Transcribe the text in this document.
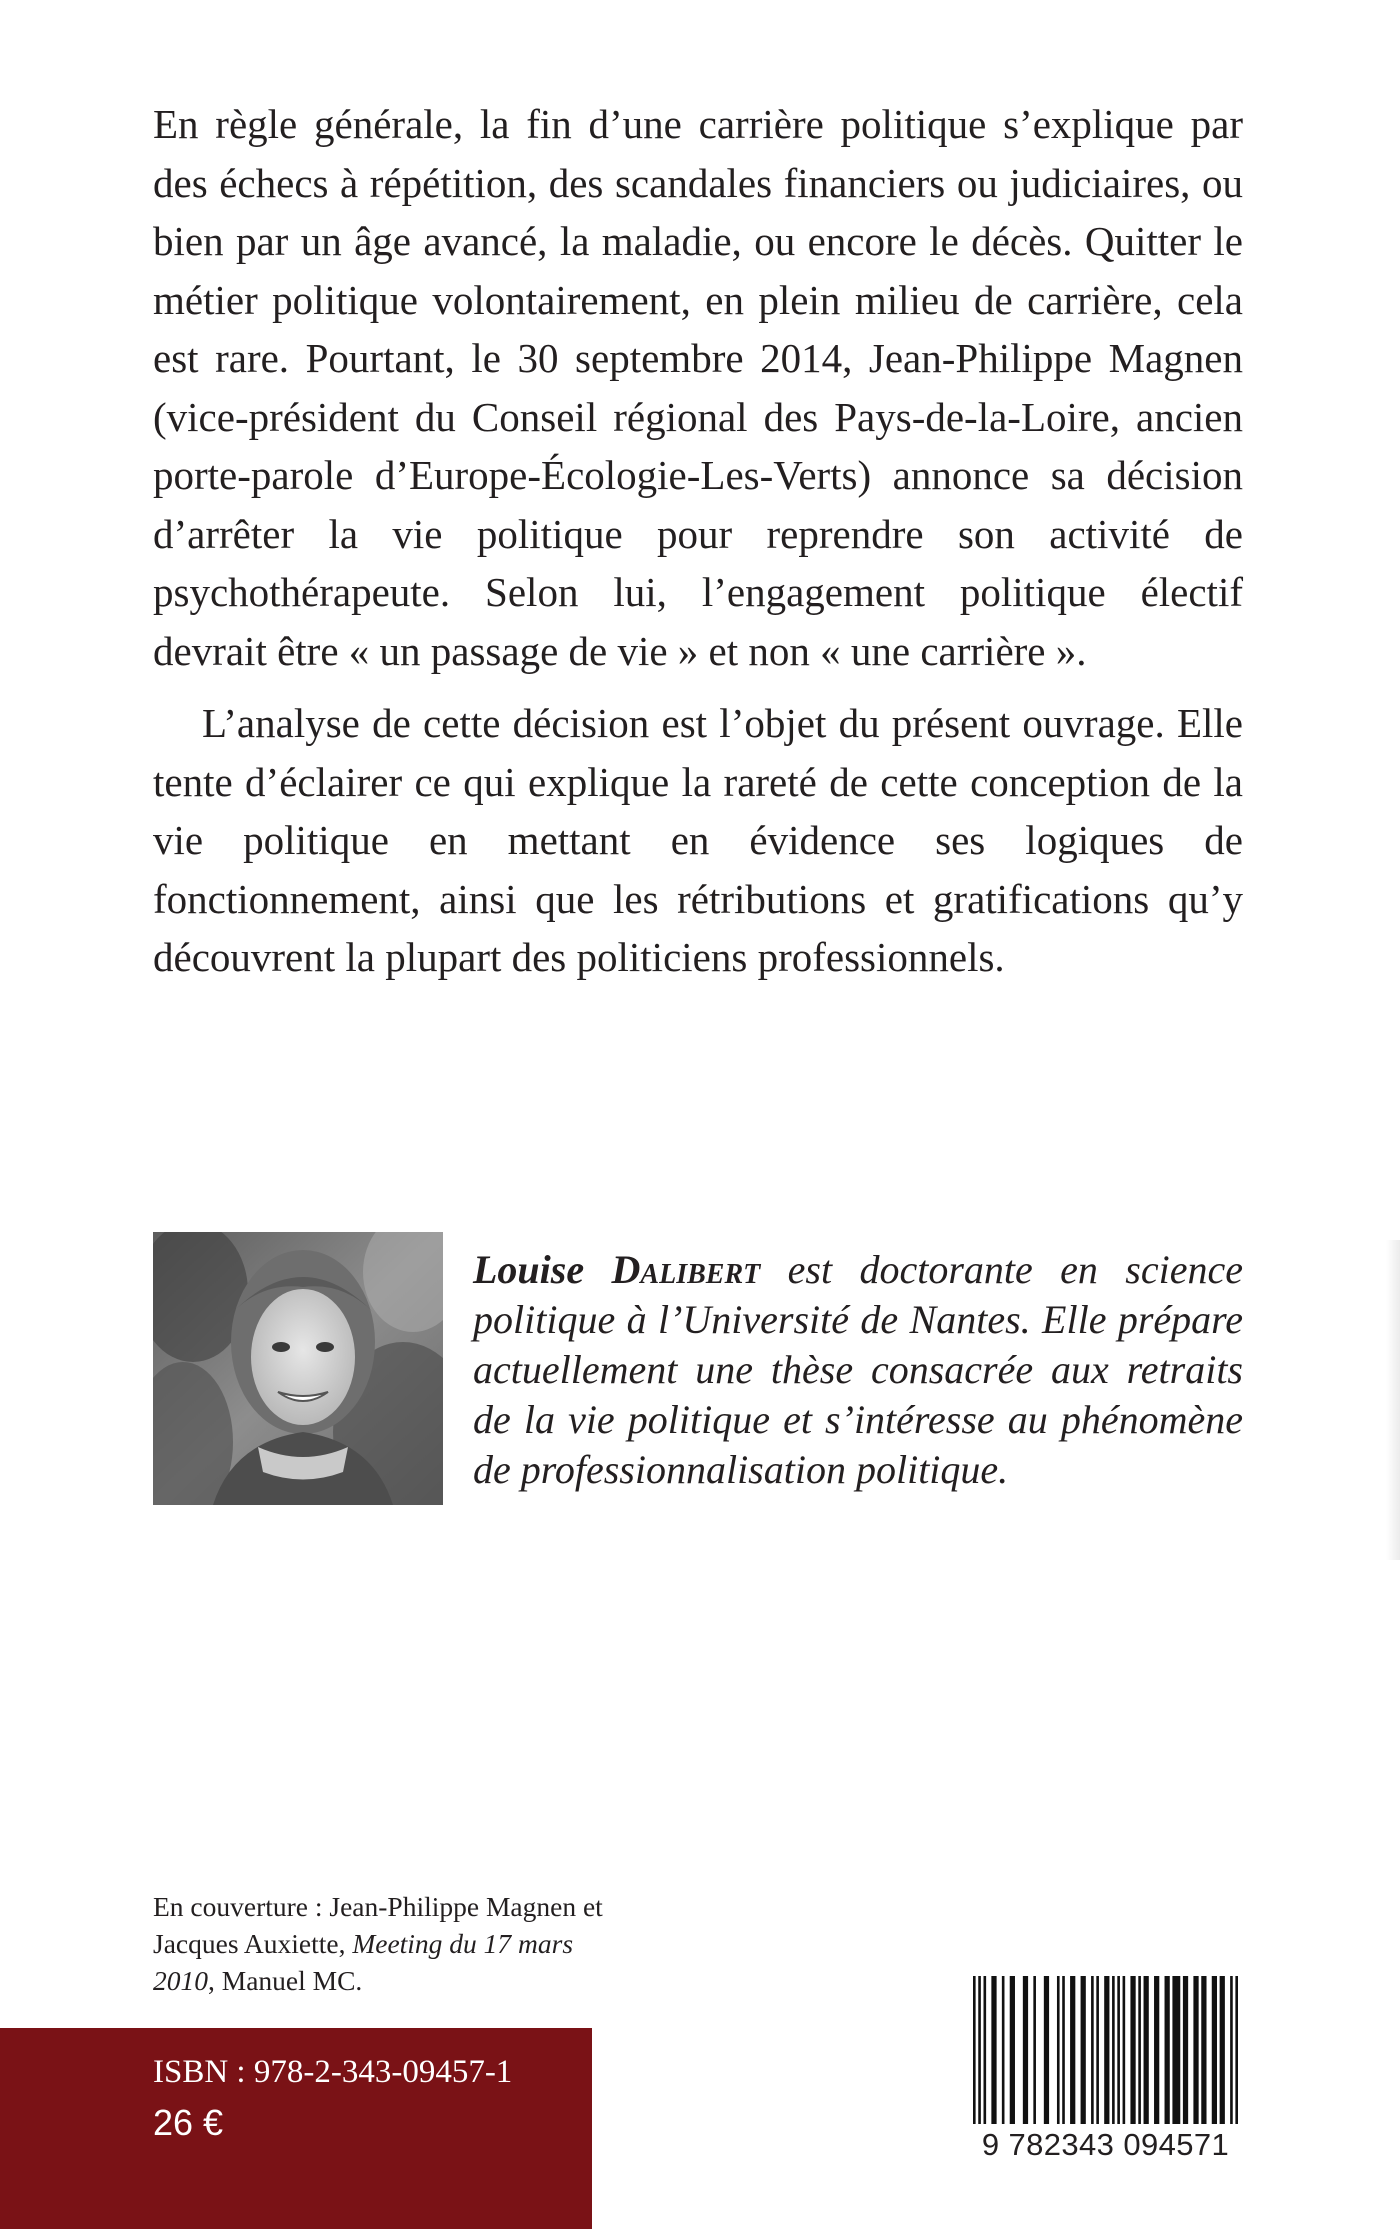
En règle générale, la fin d’une carrière politique s’explique par des échecs à répétition, des scandales financiers ou judiciaires, ou bien par un âge avancé, la maladie, ou encore le décès. Quitter le métier politique volontairement, en plein milieu de carrière, cela est rare. Pourtant, le 30 septembre 2014, Jean-Philippe Magnen (vice-président du Conseil régional des Pays-de-la-Loire, ancien porte-parole d’Europe-Écologie-Les-Verts) annonce sa décision d’arrêter la vie politique pour reprendre son activité de psychothérapeute. Selon lui, l’engagement politique électif devrait être « un passage de vie » et non « une carrière ».

L’analyse de cette décision est l’objet du présent ouvrage. Elle tente d’éclairer ce qui explique la rareté de cette conception de la vie politique en mettant en évidence ses logiques de fonctionnement, ainsi que les rétributions et gratifications qu’y découvrent la plupart des politiciens professionnels.

Louise Dalibert est doctorante en science politique à l’Université de Nantes. Elle prépare actuellement une thèse consacrée aux retraits de la vie politique et s’intéresse au phénomène de professionnalisation politique.

En couverture : Jean-Philippe Magnen et Jacques Auxiette, Meeting du 17 mars 2010, Manuel MC.

ISBN : 978-2-343-09457-1
26 €
9 782343 094571
